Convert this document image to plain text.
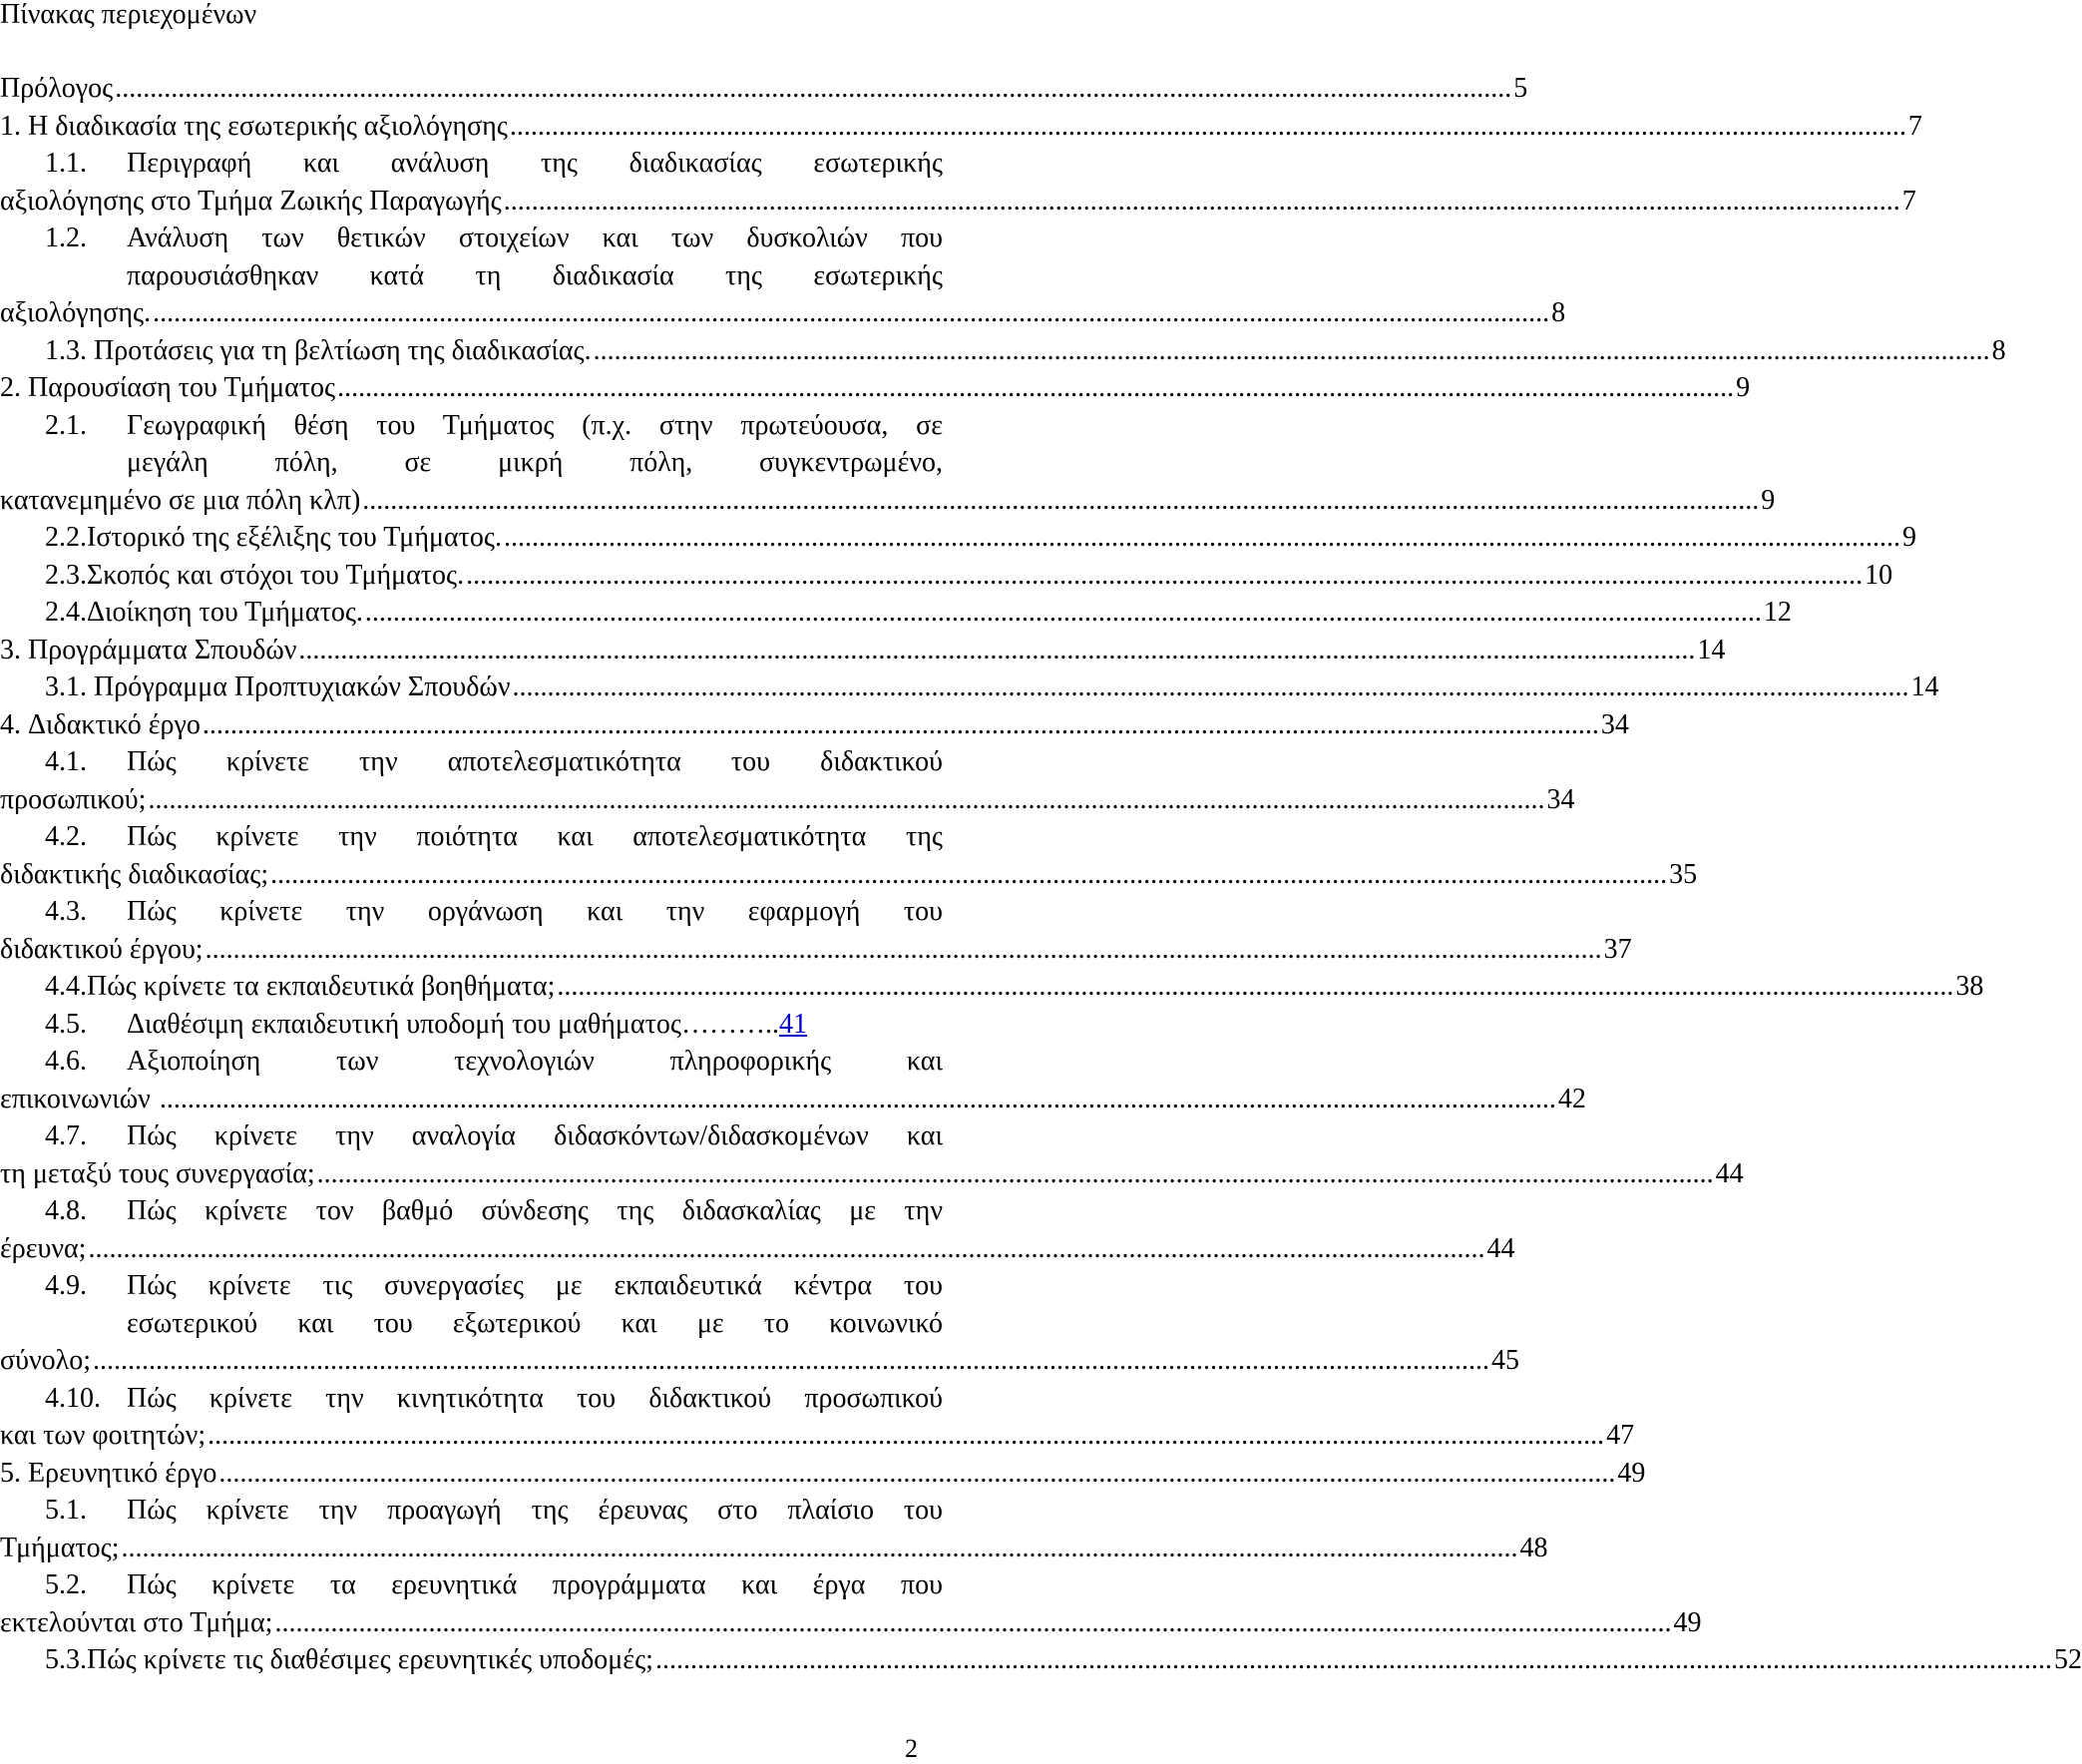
Πίνακας περιεχομένων
Πρόλογος ........................................................................................................................................................................................................ 5
1. Η διαδικασία της εσωτερικής αξιολόγησης ........................................................................................................................................................................................................ 7
Περιγραφή και ανάλυση της διαδικασίας εσωτερικής
1.1.
αξιολόγησης στο Τμήμα Ζωικής Παραγωγής ........................................................................................................................................................................................................ 7
Ανάλυση των θετικών στοιχείων και των δυσκολιών που
1.2.
παρουσιάσθηκαν κατά τη διαδικασία της εσωτερικής
αξιολόγησης. ........................................................................................................................................................................................................ 8
1.3. Προτάσεις για τη βελτίωση της διαδικασίας. ........................................................................................................................................................................................................ 8
2. Παρουσίαση του Τμήματος ........................................................................................................................................................................................................ 9
Γεωγραφική θέση του Τμήματος (π.χ. στην πρωτεύουσα, σε
2.1.
μεγάλη πόλη, σε μικρή πόλη, συγκεντρωμένο,
κατανεμημένο σε μια πόλη κλπ) ........................................................................................................................................................................................................ 9
2.2. Ιστορικό της εξέλιξης του Τμήματος. ........................................................................................................................................................................................................ 9
2.3. Σκοπός και στόχοι του Τμήματος. ........................................................................................................................................................................................................ 10
2.4. Διοίκηση του Τμήματος. ........................................................................................................................................................................................................ 12
3. Προγράμματα Σπουδών ........................................................................................................................................................................................................ 14
3.1. Πρόγραμμα Προπτυχιακών Σπουδών ........................................................................................................................................................................................................ 14
4. Διδακτικό έργο ........................................................................................................................................................................................................ 34
Πώς κρίνετε την αποτελεσματικότητα του διδακτικού
4.1.
προσωπικού; ........................................................................................................................................................................................................ 34
Πώς κρίνετε την ποιότητα και αποτελεσματικότητα της
4.2.
διδακτικής διαδικασίας; ........................................................................................................................................................................................................ 35
Πώς κρίνετε την οργάνωση και την εφαρμογή του
4.3.
διδακτικού έργου; ........................................................................................................................................................................................................ 37
4.4. Πώς κρίνετε τα εκπαιδευτικά βοηθήματα; ........................................................................................................................................................................................................ 38
4.5.	Διαθέσιμη εκπαιδευτική υποδομή του μαθήματος……….. 41
Αξιοποίηση των τεχνολογιών πληροφορικής και
4.6.
επικοινωνιών ........................................................................................................................................................................................................ 42
Πώς κρίνετε την αναλογία διδασκόντων/διδασκομένων και
4.7.
τη μεταξύ τους συνεργασία; ........................................................................................................................................................................................................ 44
Πώς κρίνετε τον βαθμό σύνδεσης της διδασκαλίας με την
4.8.
έρευνα; ........................................................................................................................................................................................................ 44
Πώς κρίνετε τις συνεργασίες με εκπαιδευτικά κέντρα του
4.9.
εσωτερικού και του εξωτερικού και με το κοινωνικό
σύνολο; ........................................................................................................................................................................................................ 45
Πώς κρίνετε την κινητικότητα του διδακτικού προσωπικού
4.10.
και των φοιτητών; ........................................................................................................................................................................................................ 47
5. Ερευνητικό έργο ........................................................................................................................................................................................................ 49
Πώς κρίνετε την προαγωγή της έρευνας στο πλαίσιο του
5.1.
Τμήματος; ........................................................................................................................................................................................................ 48
Πώς κρίνετε τα ερευνητικά προγράμματα και έργα που
5.2.
εκτελούνται στο Τμήμα; ........................................................................................................................................................................................................ 49
5.3. Πώς κρίνετε τις διαθέσιμες ερευνητικές υποδομές; ........................................................................................................................................................................................................ 52
2
